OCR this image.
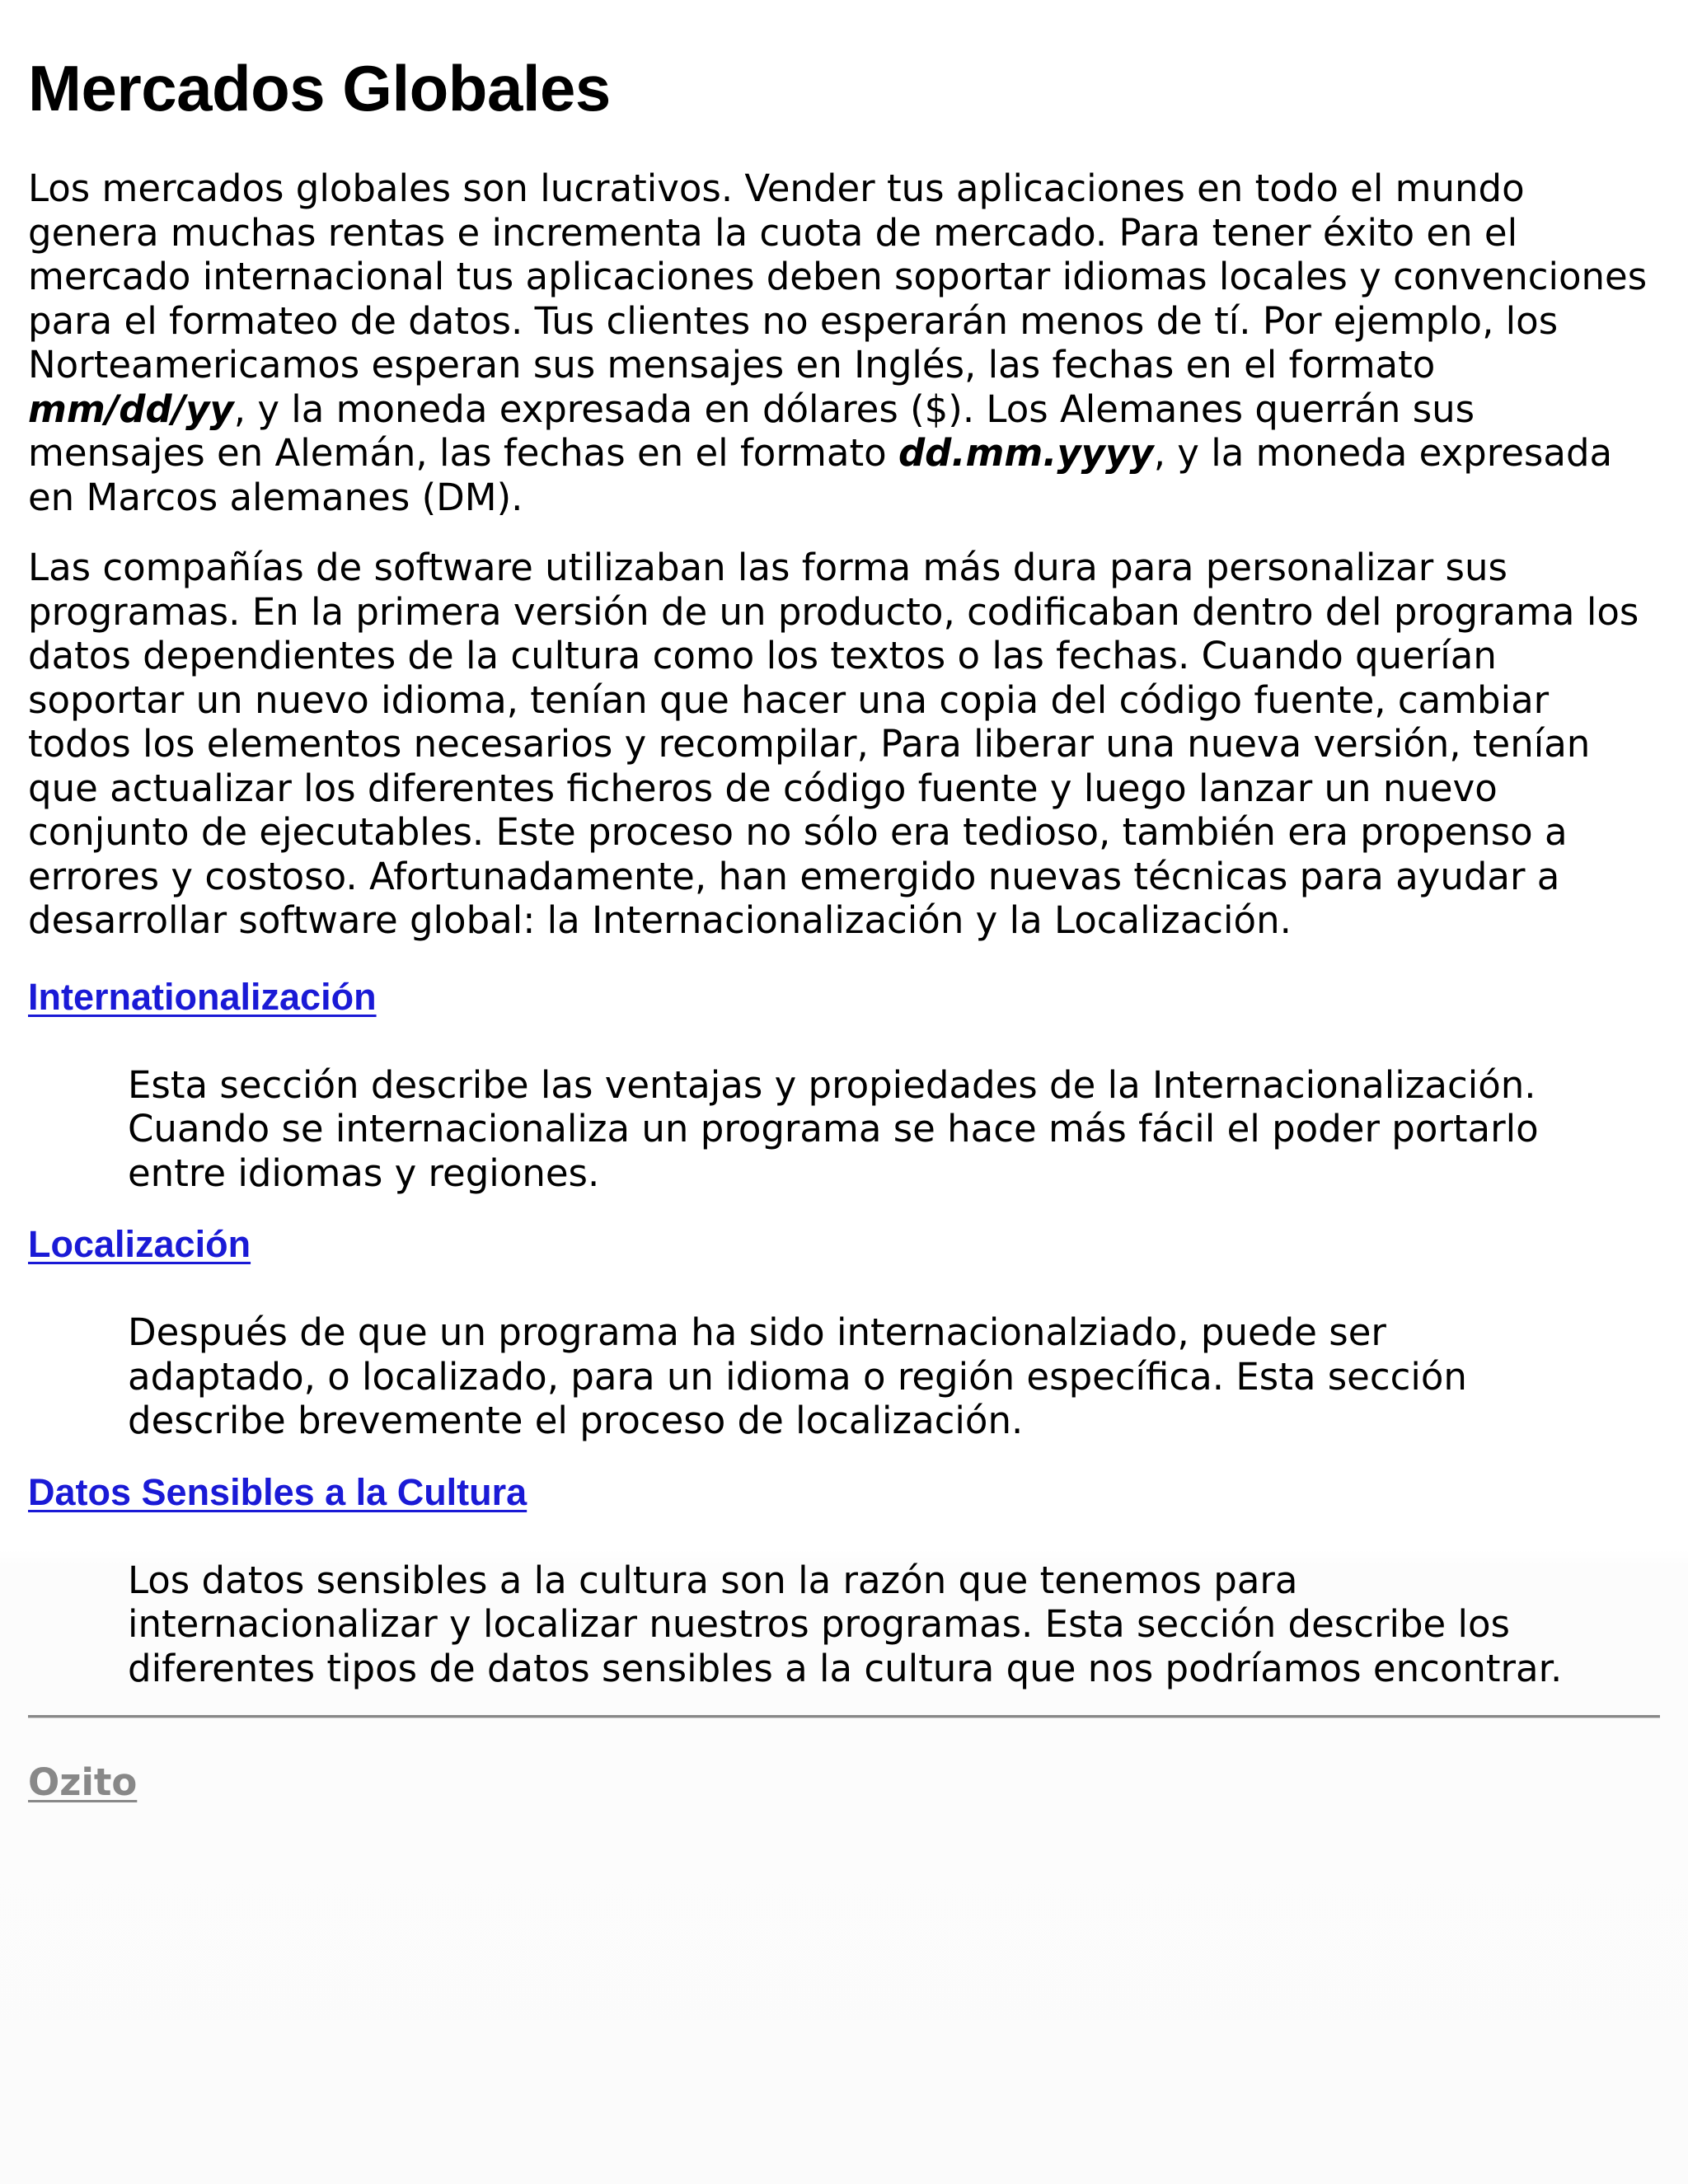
Mercados Globales

Los mercados globales son lucrativos. Vender tus aplicaciones en todo el mundo genera muchas rentas e incrementa la cuota de mercado. Para tener éxito en el mercado internacional tus aplicaciones deben soportar idiomas locales y convenciones para el formateo de datos. Tus clientes no esperarán menos de tí. Por ejemplo, los Norteamericamos esperan sus mensajes en Inglés, las fechas en el formato mm/dd/yy, y la moneda expresada en dólares ($). Los Alemanes querrán sus mensajes en Alemán, las fechas en el formato dd.mm.yyyy, y la moneda expresada en Marcos alemanes (DM).

Las compañías de software utilizaban las forma más dura para personalizar sus programas. En la primera versión de un producto, codificaban dentro del programa los datos dependientes de la cultura como los textos o las fechas. Cuando querían soportar un nuevo idioma, tenían que hacer una copia del código fuente, cambiar todos los elementos necesarios y recompilar, Para liberar una nueva versión, tenían que actualizar los diferentes ficheros de código fuente y luego lanzar un nuevo conjunto de ejecutables. Este proceso no sólo era tedioso, también era propenso a errores y costoso. Afortunadamente, han emergido nuevas técnicas para ayudar a desarrollar software global: la Internacionalización y la Localización.

Internationalización
Esta sección describe las ventajas y propiedades de la Internacionalización. Cuando se internacionaliza un programa se hace más fácil el poder portarlo entre idiomas y regiones.
Localización
Después de que un programa ha sido internacionalziado, puede ser adaptado, o localizado, para un idioma o región específica. Esta sección describe brevemente el proceso de localización.
Datos Sensibles a la Cultura
Los datos sensibles a la cultura son la razón que tenemos para internacionalizar y localizar nuestros programas. Esta sección describe los diferentes tipos de datos sensibles a la cultura que nos podríamos encontrar.
Ozito
